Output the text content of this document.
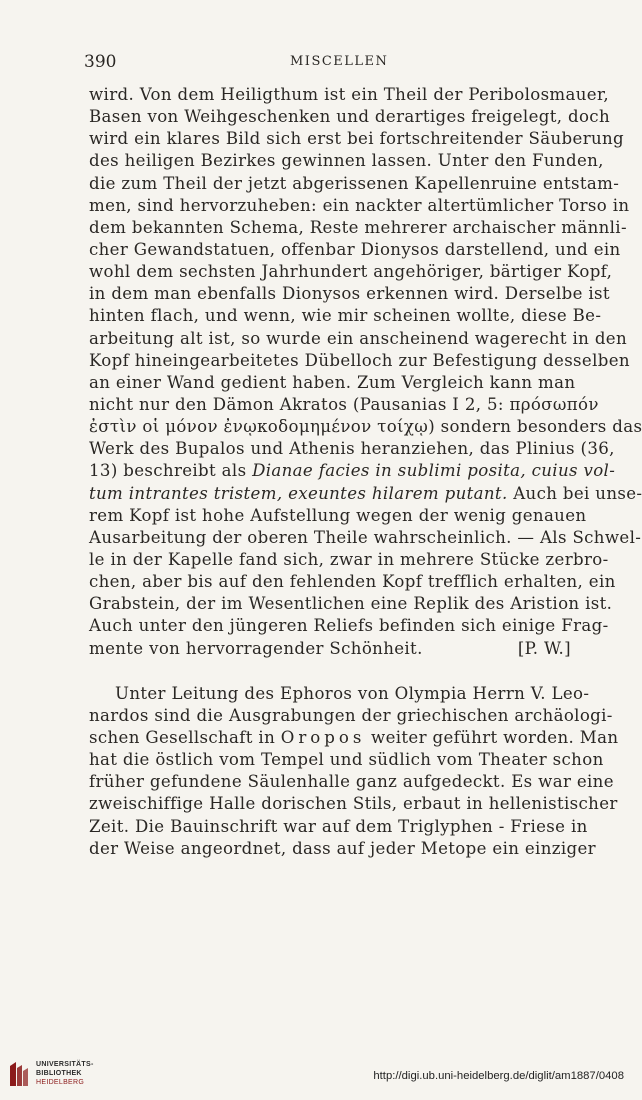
390	MISCELLEN
wird. Von dem Heiligthum ist ein Theil der Peribolosmauer,
Basen von Weihgeschenken und derartiges freigelegt, doch
wird ein klares Bild sich erst bei fortschreitender Säuberung
des heiligen Bezirkes gewinnen lassen. Unter den Funden,
die zum Theil der jetzt abgerissenen Kapellenruine entstam-
men, sind hervorzuheben: ein nackter altertümlicher Torso in
dem bekannten Schema, Reste mehrerer archaischer männli-
cher Gewandstatuen, offenbar Dionysos darstellend, und ein
wohl dem sechsten Jahrhundert angehöriger, bärtiger Kopf,
in dem man ebenfalls Dionysos erkennen wird. Derselbe ist
hinten flach, und wenn, wie mir scheinen wollte, diese Be-
arbeitung alt ist, so wurde ein anscheinend wagerecht in den
Kopf hineingearbeitetes Dübelloch zur Befestigung desselben
an einer Wand gedient haben. Zum Vergleich kann man
nicht nur den Dämon Akratos (Pausanias I 2, 5: πρόσωπόν
ἐστὶν οἱ μόνον ἐνῳκοδομημένον τοίχῳ) sondern besonders das
Werk des Bupalos und Athenis heranziehen, das Plinius (36,
13) beschreibt als Dianae facies in sublimi posita, cuius vol-
tum intrantes tristem, exeuntes hilarem putant. Auch bei unse-
rem Kopf ist hohe Aufstellung wegen der wenig genauen
Ausarbeitung der oberen Theile wahrscheinlich. — Als Schwel-
le in der Kapelle fand sich, zwar in mehrere Stücke zerbro-
chen, aber bis auf den fehlenden Kopf trefflich erhalten, ein
Grabstein, der im Wesentlichen eine Replik des Aristion ist.
Auch unter den jüngeren Reliefs befinden sich einige Frag-
mente von hervorragender Schönheit.	[P. W.]
Unter Leitung des Ephoros von Olympia Herrn V. Leo-
nardos sind die Ausgrabungen der griechischen archäologi-
schen Gesellschaft in Oropos weiter geführt worden. Man
hat die östlich vom Tempel und südlich vom Theater schon
früher gefundene Säulenhalle ganz aufgedeckt. Es war eine
zweischiffige Halle dorischen Stils, erbaut in hellenistischer
Zeit. Die Bauinschrift war auf dem Triglyphen - Friese in
der Weise angeordnet, dass auf jeder Metope ein einziger
UNIVERSITÄTS-
BIBLIOTHEK
HEIDELBERG
http://digi.ub.uni-heidelberg.de/diglit/am1887/0408
